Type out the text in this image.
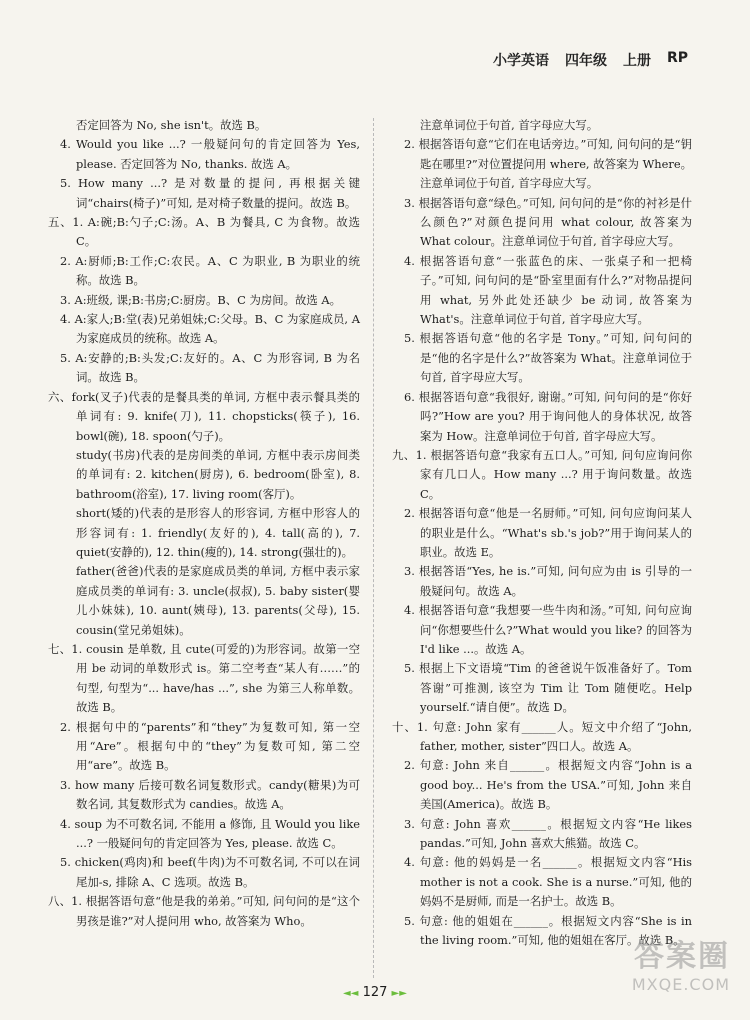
小学英语 四年级 上册 RP

否定回答为 No, she isn't。故选 B。

4. Would you like ...? 一般疑问句的肯定回答为 Yes, please. 否定回答为 No, thanks. 故选 A。

5. How many ...? 是对数量的提问, 再根据关键词“chairs(椅子)”可知, 是对椅子数量的提问。故选 B。

五、1. A:碗;B:勺子;C:汤。A、B 为餐具, C 为食物。故选 C。

2. A:厨师;B:工作;C:农民。A、C 为职业, B 为职业的统称。故选 B。

3. A:班级, 课;B:书房;C:厨房。B、C 为房间。故选 A。

4. A:家人;B:堂(表)兄弟姐妹;C:父母。B、C 为家庭成员, A 为家庭成员的统称。故选 A。

5. A:安静的;B:头发;C:友好的。A、C 为形容词, B 为名词。故选 B。

六、fork(叉子)代表的是餐具类的单词, 方框中表示餐具类的单词有: 9. knife(刀), 11. chopsticks(筷子), 16. bowl(碗), 18. spoon(勺子)。

study(书房)代表的是房间类的单词, 方框中表示房间类的单词有: 2. kitchen(厨房), 6. bedroom(卧室), 8. bathroom(浴室), 17. living room(客厅)。

short(矮的)代表的是形容人的形容词, 方框中形容人的形容词有: 1. friendly(友好的), 4. tall(高的), 7. quiet(安静的), 12. thin(瘦的), 14. strong(强壮的)。

father(爸爸)代表的是家庭成员类的单词, 方框中表示家庭成员类的单词有: 3. uncle(叔叔), 5. baby sister(婴儿小妹妹), 10. aunt(姨母), 13. parents(父母), 15. cousin(堂兄弟姐妹)。

七、1. cousin 是单数, 且 cute(可爱的)为形容词。故第一空用 be 动词的单数形式 is。第二空考查“某人有……”的句型, 句型为“... have/has ...”, she 为第三人称单数。故选 B。

2. 根据句中的“parents”和“they”为复数可知, 第一空用“Are”。根据句中的“they”为复数可知, 第二空用“are”。故选 B。

3. how many 后接可数名词复数形式。candy(糖果)为可数名词, 其复数形式为 candies。故选 A。

4. soup 为不可数名词, 不能用 a 修饰, 且 Would you like ...? 一般疑问句的肯定回答为 Yes, please. 故选 C。

5. chicken(鸡肉)和 beef(牛肉)为不可数名词, 不可以在词尾加-s, 排除 A、C 选项。故选 B。

八、1. 根据答语句意“他是我的弟弟。”可知, 问句问的是“这个男孩是谁?”对人提问用 who, 故答案为 Who。

注意单词位于句首, 首字母应大写。

2. 根据答语句意“它们在电话旁边。”可知, 问句问的是“钥匙在哪里?”对位置提问用 where, 故答案为 Where。注意单词位于句首, 首字母应大写。

3. 根据答语句意“绿色。”可知, 问句问的是“你的衬衫是什么颜色?”对颜色提问用 what colour, 故答案为 What colour。注意单词位于句首, 首字母应大写。

4. 根据答语句意“一张蓝色的床、一张桌子和一把椅子。”可知, 问句问的是“卧室里面有什么?”对物品提问用 what, 另外此处还缺少 be 动词, 故答案为 What's。注意单词位于句首, 首字母应大写。

5. 根据答语句意“他的名字是 Tony。”可知, 问句问的是“他的名字是什么?”故答案为 What。注意单词位于句首, 首字母应大写。

6. 根据答语句意“我很好, 谢谢。”可知, 问句问的是“你好吗?”How are you? 用于询问他人的身体状况, 故答案为 How。注意单词位于句首, 首字母应大写。

九、1. 根据答语句意“我家有五口人。”可知, 问句应询问你家有几口人。How many ...? 用于询问数量。故选 C。

2. 根据答语句意“他是一名厨师。”可知, 问句应询问某人的职业是什么。“What's sb.'s job?”用于询问某人的职业。故选 E。

3. 根据答语“Yes, he is.”可知, 问句应为由 is 引导的一般疑问句。故选 A。

4. 根据答语句意“我想要一些牛肉和汤。”可知, 问句应询问“你想要些什么?”What would you like? 的回答为 I'd like ...。故选 A。

5. 根据上下文语境“Tim 的爸爸说午饭准备好了。Tom 答谢”可推测, 该空为 Tim 让 Tom 随便吃。Help yourself.“请自便”。故选 D。

十、1. 句意: John 家有______人。短文中介绍了“John, father, mother, sister”四口人。故选 A。

2. 句意: John 来自______。根据短文内容“John is a good boy... He's from the USA.”可知, John 来自美国(America)。故选 B。

3. 句意: John 喜欢______。根据短文内容“He likes pandas.”可知, John 喜欢大熊猫。故选 C。

4. 句意: 他的妈妈是一名______。根据短文内容“His mother is not a cook. She is a nurse.”可知, 他的妈妈不是厨师, 而是一名护士。故选 B。

5. 句意: 他的姐姐在______。根据短文内容“She is in the living room.”可知, 他的姐姐在客厅。故选 B。

◄◄ 127 ►►
答案圈
MXQE.COM
